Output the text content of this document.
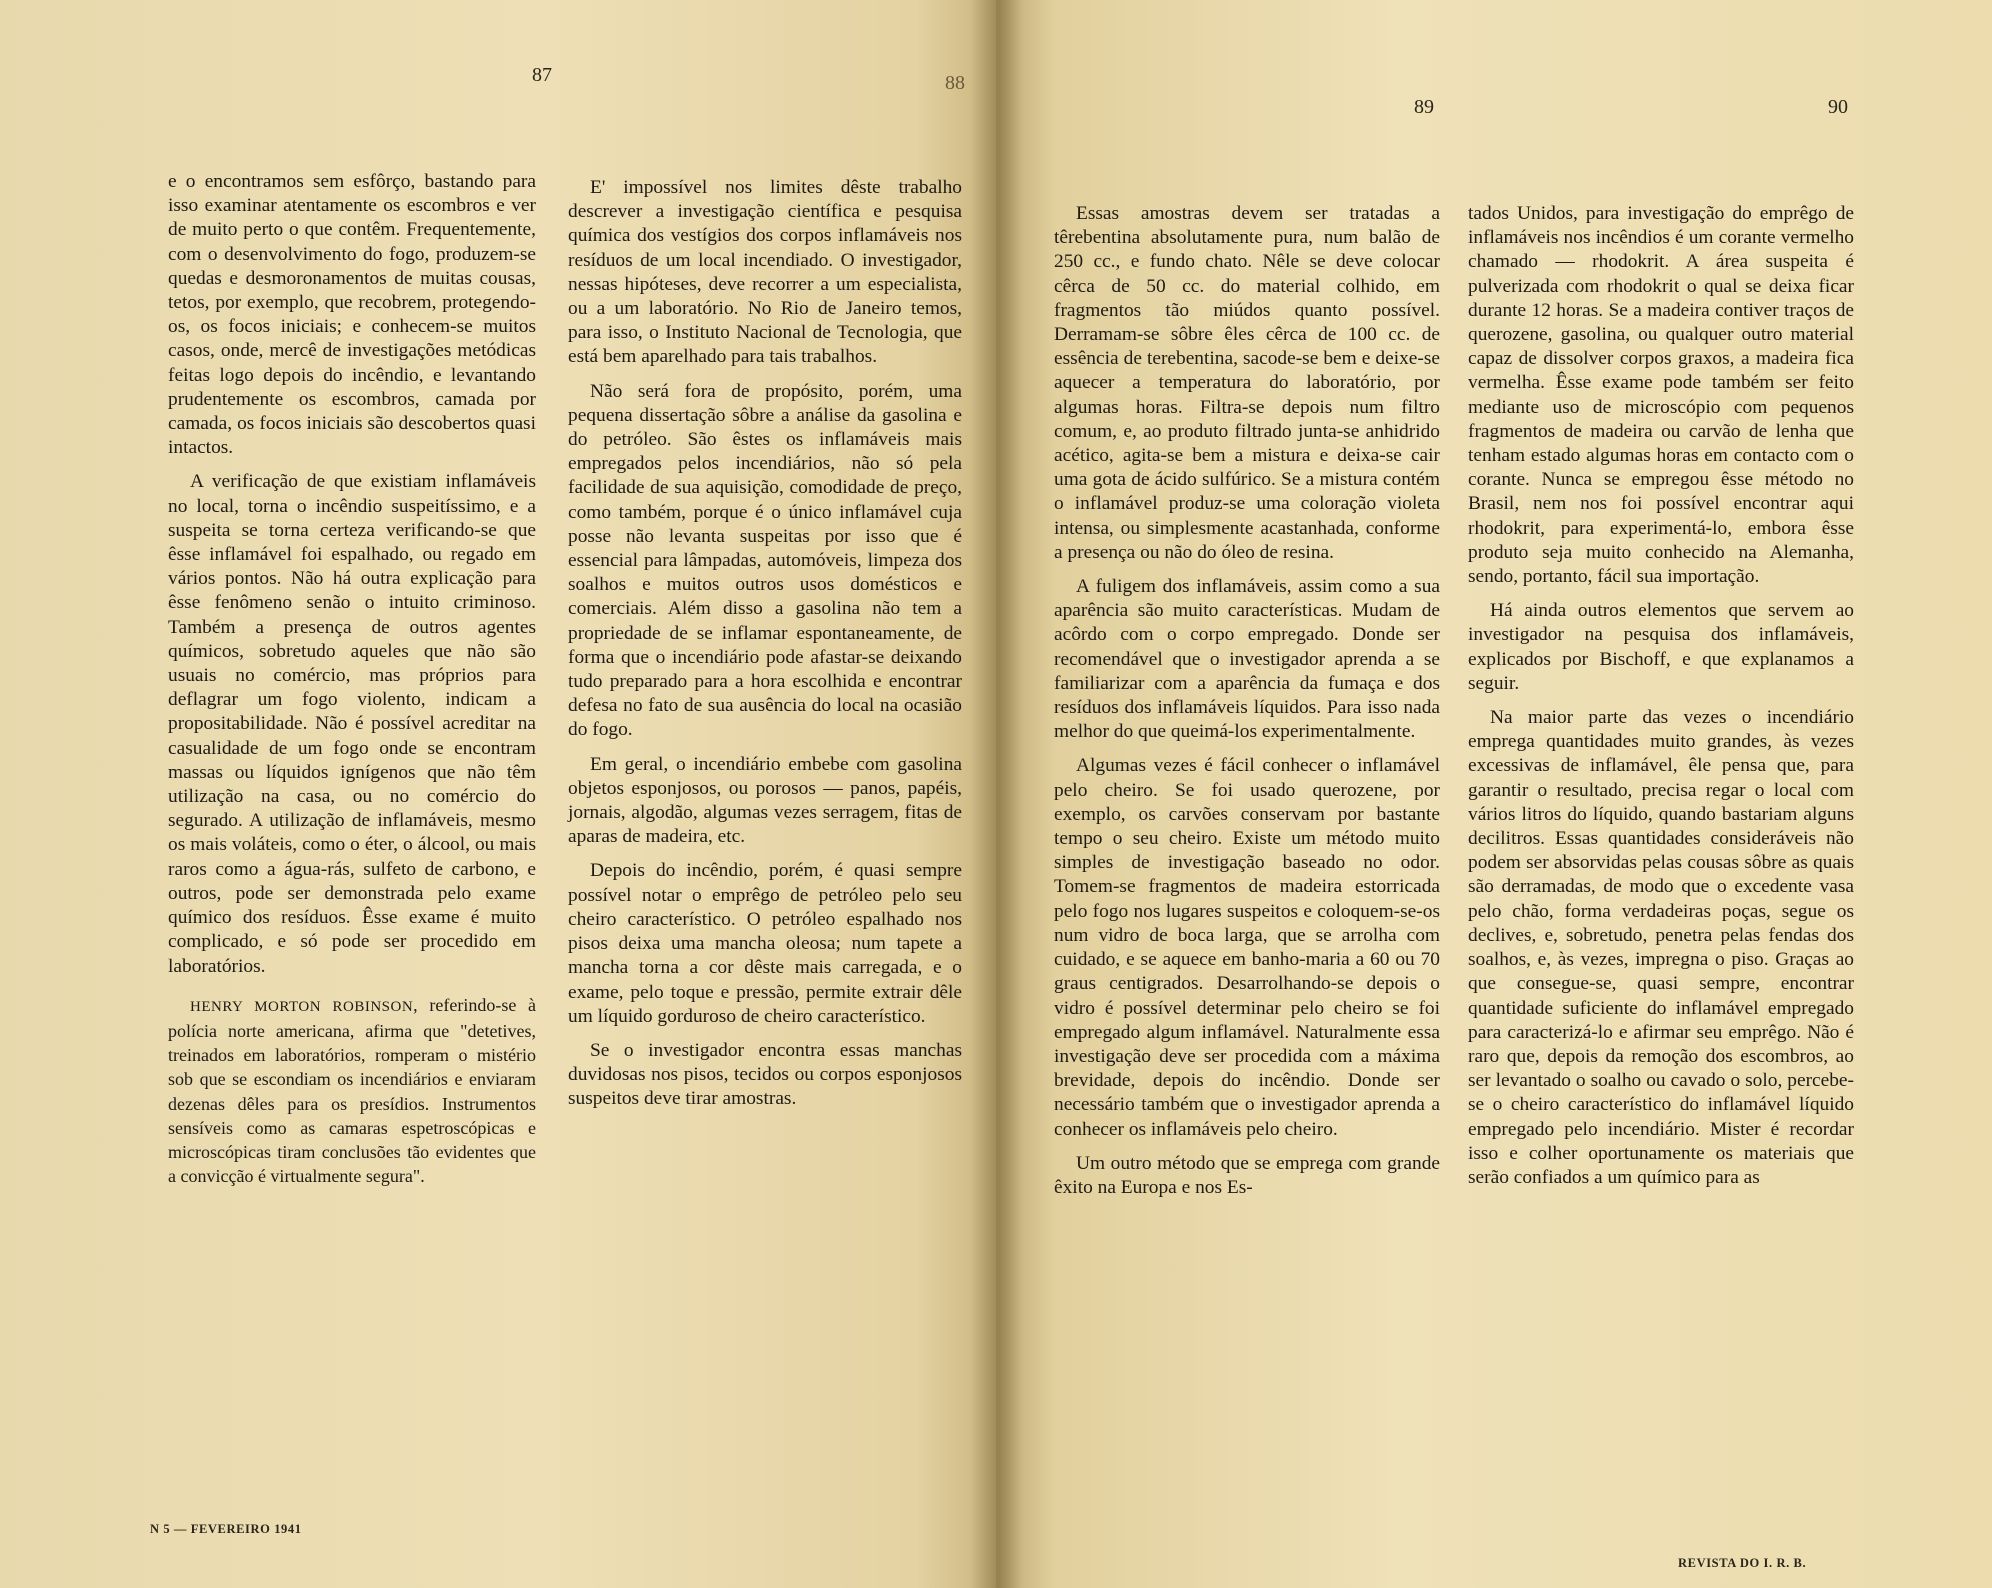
87	88

e o encontramos sem esfôrço, bastando para isso examinar atentamente os escombros e ver de muito perto o que contêm. Frequentemente, com o desenvolvimento do fogo, produzem-se quedas e desmoronamentos de muitas cousas, tetos, por exemplo, que recobrem, protegendo-os, os focos iniciais; e conhecem-se muitos casos, onde, mercê de investigações metódicas feitas logo depois do incêndio, e levantando prudentemente os escombros, camada por camada, os focos iniciais são descobertos quasi intactos.

A verificação de que existiam inflamáveis no local, torna o incêndio suspeitíssimo, e a suspeita se torna certeza verificando-se que êsse inflamável foi espalhado, ou regado em vários pontos. Não há outra explicação para êsse fenômeno senão o intuito criminoso. Também a presença de outros agentes químicos, sobretudo aqueles que não são usuais no comércio, mas próprios para deflagrar um fogo violento, indicam a propositabilidade. Não é possível acreditar na casualidade de um fogo onde se encontram massas ou líquidos ignígenos que não têm utilização na casa, ou no comércio do segurado. A utilização de inflamáveis, mesmo os mais voláteis, como o éter, o álcool, ou mais raros como a água-rás, sulfeto de carbono, e outros, pode ser demonstrada pelo exame químico dos resíduos. Êsse exame é muito complicado, e só pode ser procedido em laboratórios.

HENRY MORTON ROBINSON, referindo-se à polícia norte americana, afirma que "detetives, treinados em laboratórios, romperam o mistério sob que se escondiam os incendiários e enviaram dezenas dêles para os presídios. Instrumentos sensíveis como as camaras espetroscópicas e microscópicas tiram conclusões tão evidentes que a convicção é virtualmente segura".

E' impossível nos limites dêste trabalho descrever a investigação científica e pesquisa química dos vestígios dos corpos inflamáveis nos resíduos de um local incendiado. O investigador, nessas hipóteses, deve recorrer a um especialista, ou a um laboratório. No Rio de Janeiro temos, para isso, o Instituto Nacional de Tecnologia, que está bem aparelhado para tais trabalhos.

Não será fora de propósito, porém, uma pequena dissertação sôbre a análise da gasolina e do petróleo. São êstes os inflamáveis mais empregados pelos incendiários, não só pela facilidade de sua aquisição, comodidade de preço, como também, porque é o único inflamável cuja posse não levanta suspeitas por isso que é essencial para lâmpadas, automóveis, limpeza dos soalhos e muitos outros usos domésticos e comerciais. Além disso a gasolina não tem a propriedade de se inflamar espontaneamente, de forma que o incendiário pode afastar-se deixando tudo preparado para a hora escolhida e encontrar defesa no fato de sua ausência do local na ocasião do fogo.

Em geral, o incendiário embebe com gasolina objetos esponjosos, ou porosos — panos, papéis, jornais, algodão, algumas vezes serragem, fitas de aparas de madeira, etc.

Depois do incêndio, porém, é quasi sempre possível notar o emprêgo de petróleo pelo seu cheiro característico. O petróleo espalhado nos pisos deixa uma mancha oleosa; num tapete a mancha torna a cor dêste mais carregada, e o exame, pelo toque e pressão, permite extrair dêle um líquido gorduroso de cheiro característico.

Se o investigador encontra essas manchas duvidosas nos pisos, tecidos ou corpos esponjosos suspeitos deve tirar amostras.

N 5 — FEVEREIRO 1941
89	90

Essas amostras devem ser tratadas a têrebentina absolutamente pura, num balão de 250 cc., e fundo chato. Nêle se deve colocar cêrca de 50 cc. do material colhido, em fragmentos tão miúdos quanto possível. Derramam-se sôbre êles cêrca de 100 cc. de essência de terebentina, sacode-se bem e deixe-se aquecer a temperatura do laboratório, por algumas horas. Filtra-se depois num filtro comum, e, ao produto filtrado junta-se anhidrido acético, agita-se bem a mistura e deixa-se cair uma gota de ácido sulfúrico. Se a mistura contém o inflamável produz-se uma coloração violeta intensa, ou simplesmente acastanhada, conforme a presença ou não do óleo de resina.

A fuligem dos inflamáveis, assim como a sua aparência são muito características. Mudam de acôrdo com o corpo empregado. Donde ser recomendável que o investigador aprenda a se familiarizar com a aparência da fumaça e dos resíduos dos inflamáveis líquidos. Para isso nada melhor do que queimá-los experimentalmente.

Algumas vezes é fácil conhecer o inflamável pelo cheiro. Se foi usado querozene, por exemplo, os carvões conservam por bastante tempo o seu cheiro. Existe um método muito simples de investigação baseado no odor. Tomem-se fragmentos de madeira estorricada pelo fogo nos lugares suspeitos e coloquem-se-os num vidro de boca larga, que se arrolha com cuidado, e se aquece em banho-maria a 60 ou 70 graus centigrados. Desarrolhando-se depois o vidro é possível determinar pelo cheiro se foi empregado algum inflamável. Naturalmente essa investigação deve ser procedida com a máxima brevidade, depois do incêndio. Donde ser necessário também que o investigador aprenda a conhecer os inflamáveis pelo cheiro.

Um outro método que se emprega com grande êxito na Europa e nos Es-

tados Unidos, para investigação do emprêgo de inflamáveis nos incêndios é um corante vermelho chamado — rhodokrit. A área suspeita é pulverizada com rhodokrit o qual se deixa ficar durante 12 horas. Se a madeira contiver traços de querozene, gasolina, ou qualquer outro material capaz de dissolver corpos graxos, a madeira fica vermelha. Êsse exame pode também ser feito mediante uso de microscópio com pequenos fragmentos de madeira ou carvão de lenha que tenham estado algumas horas em contacto com o corante. Nunca se empregou êsse método no Brasil, nem nos foi possível encontrar aqui rhodokrit, para experimentá-lo, embora êsse produto seja muito conhecido na Alemanha, sendo, portanto, fácil sua importação.

Há ainda outros elementos que servem ao investigador na pesquisa dos inflamáveis, explicados por Bischoff, e que explanamos a seguir.

Na maior parte das vezes o incendiário emprega quantidades muito grandes, às vezes excessivas de inflamável, êle pensa que, para garantir o resultado, precisa regar o local com vários litros do líquido, quando bastariam alguns decilitros. Essas quantidades consideráveis não podem ser absorvidas pelas cousas sôbre as quais são derramadas, de modo que o excedente vasa pelo chão, forma verdadeiras poças, segue os declives, e, sobretudo, penetra pelas fendas dos soalhos, e, às vezes, impregna o piso. Graças ao que consegue-se, quasi sempre, encontrar quantidade suficiente do inflamável empregado para caracterizá-lo e afirmar seu emprêgo. Não é raro que, depois da remoção dos escombros, ao ser levantado o soalho ou cavado o solo, percebe-se o cheiro característico do inflamável líquido empregado pelo incendiário. Mister é recordar isso e colher oportunamente os materiais que serão confiados a um químico para as

REVISTA DO I. R. B.
